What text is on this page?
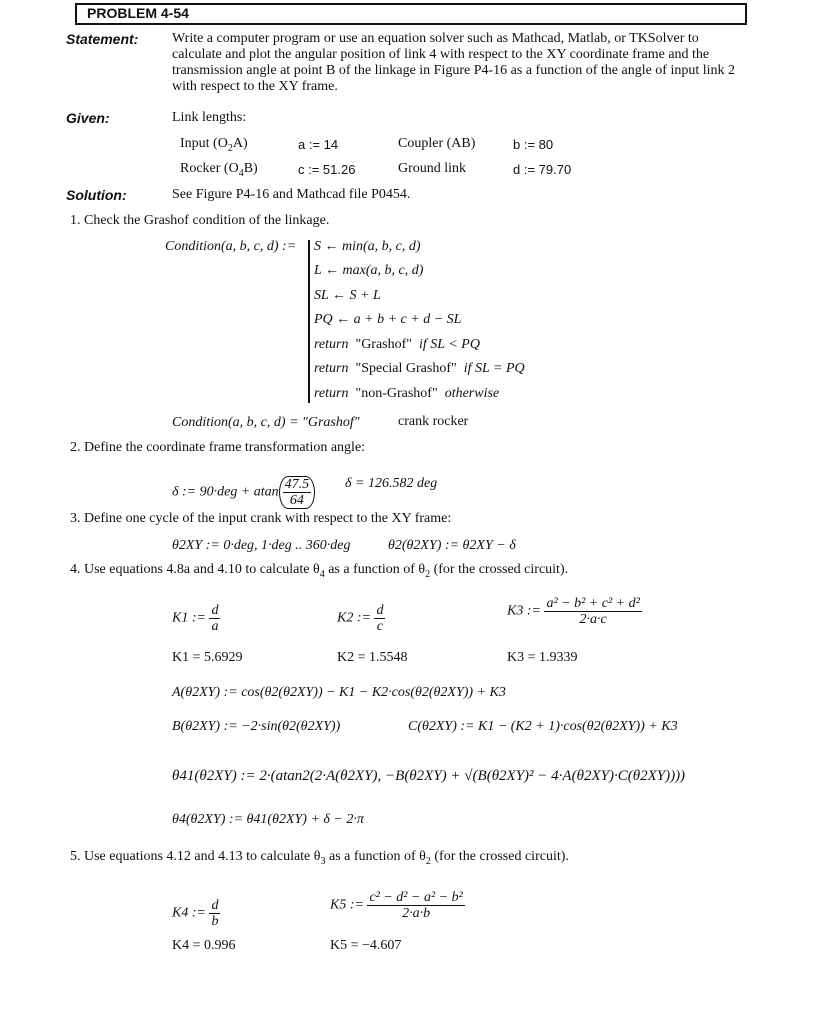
PROBLEM 4-54
Statement: Write a computer program or use an equation solver such as Mathcad, Matlab, or TKSolver to calculate and plot the angular position of link 4 with respect to the XY coordinate frame and the transmission angle at point B of the linkage in Figure P4-16 as a function of the angle of input link 2 with respect to the XY frame.
Given:	Link lengths:
Input $(O_2A)$	a := 14	Coupler (AB)	b := 80
Rocker $(O_4B)$	c := 51.26	Ground link	d := 79.70
Solution:	See Figure P4-16 and Mathcad file P0454.
1. Check the Grashof condition of the linkage.
Condition(a, b, c, d) := S ← min(a, b, c, d)
L ← max(a, b, c, d)
SL ← S + L
PQ ← a + b + c + d − SL
return "Grashof" if SL < PQ
return "Special Grashof" if SL = PQ
return "non-Grashof" otherwise
Condition(a, b, c, d) = "Grashof"	crank rocker
2. Define the coordinate frame transformation angle:
δ := 90·deg + atan $\frac{47.5}{64}$ δ = 126.582 deg
3. Define one cycle of the input crank with respect to the XY frame:
θ2XY := 0·deg, 1·deg .. 360·deg	θ2(θ2XY) := θ2XY − δ
4. Use equations 4.8a and 4.10 to calculate $\theta_4$ as a function of $\theta_2$ (for the crossed circuit).
K1 := $\frac{d}{a}$	K2 := $\frac{d}{c}$	K3 := $\frac{\text{a² − b² + c² + d²}}{2\cdot a\cdot c}$
K1 = 5.6929	K2 = 1.5548	K3 = 1.9339
A(θ2XY) := cos(θ2(θ2XY)) − K1 − K2·cos(θ2(θ2XY)) + K3
B(θ2XY) := −2·sin(θ2(θ2XY))	C(θ2XY) := K1 − (K2 + 1)·cos(θ2(θ2XY)) + K3
θ41(θ2XY) := 2·(atan2(2·A(θ2XY), −B(θ2XY) + √(B(θ2XY)² − 4·A(θ2XY)·C(θ2XY))))
θ4(θ2XY) := θ41(θ2XY) + δ − 2·π
5. Use equations 4.12 and 4.13 to calculate $\theta_3$ as a function of $\theta_2$ (for the crossed circuit).
K4 := $\frac{d}{b}$	K5 := $\frac{\text{c² − d² − a² − b²}}{2\cdot a\cdot b}$
K4 = 0.996	K5 = −4.607
